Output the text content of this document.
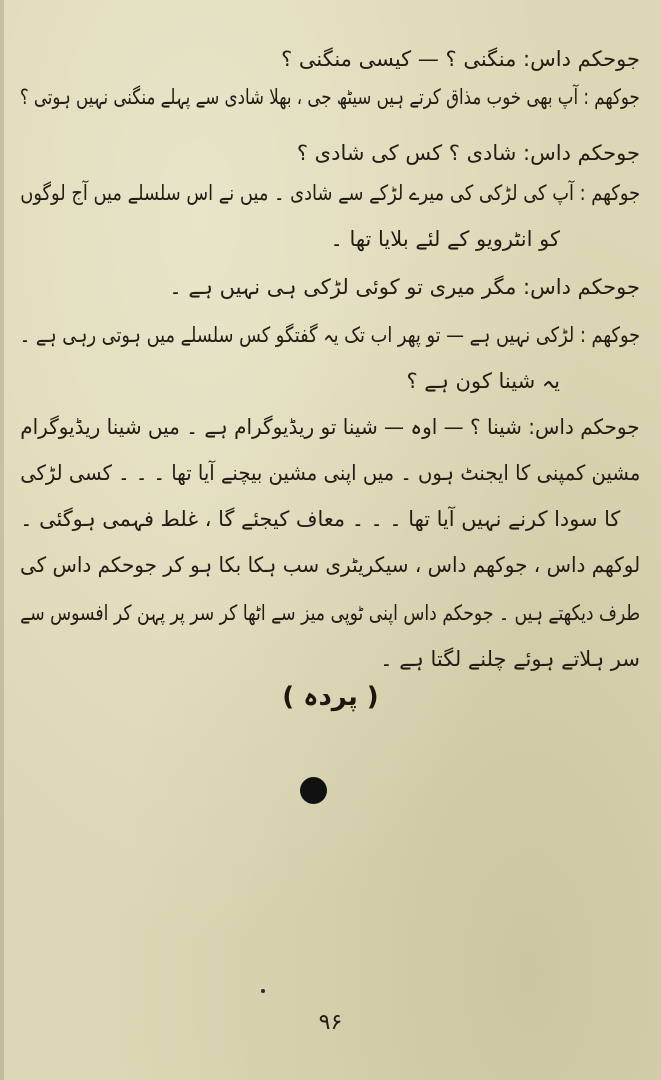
جوحکم داس: منگنی ؟ — کیسی منگنی ؟
جوکھم : آپ بھی خوب مذاق کرتے ہیں سیٹھ جی ، بھلا شادی سے پہلے منگنی نہیں ہوتی ؟
جوحکم داس: شادی ؟ کس کی شادی ؟
جوکھم : آپ کی لڑکی کی میرے لڑکے سے شادی ۔ میں نے اس سلسلے میں آج لوگوں
کو انٹرویو کے لئے بلایا تھا ۔
جوحکم داس: مگر میری تو کوئی لڑکی ہی نہیں ہے ۔
جوکھم : لڑکی نہیں ہے — تو پھر اب تک یہ گفتگو کس سلسلے میں ہوتی رہی ہے ۔
یہ شینا کون ہے ؟
جوحکم داس: شینا ؟ — اوہ — شینا تو ریڈیوگرام ہے ۔ میں شینا ریڈیوگرام
مشین کمپنی کا ایجنٹ ہوں ۔ میں اپنی مشین بیچنے آیا تھا ۔ ۔ ۔ کسی لڑکی
کا سودا کرنے نہیں آیا تھا ۔ ۔ ۔ معاف کیجئے گا ، غلط فہمی ہوگئی ۔
لوکھم داس ، جوکھم داس ، سیکریٹری سب ہکا بکا ہو کر جوحکم داس کی
طرف دیکھتے ہیں ۔ جوحکم داس اپنی ٹوپی میز سے اٹھا کر سر پر پہن کر افسوس سے
سر ہلاتے ہوئے چلنے لگتا ہے ۔
( پردہ )
۹۶
